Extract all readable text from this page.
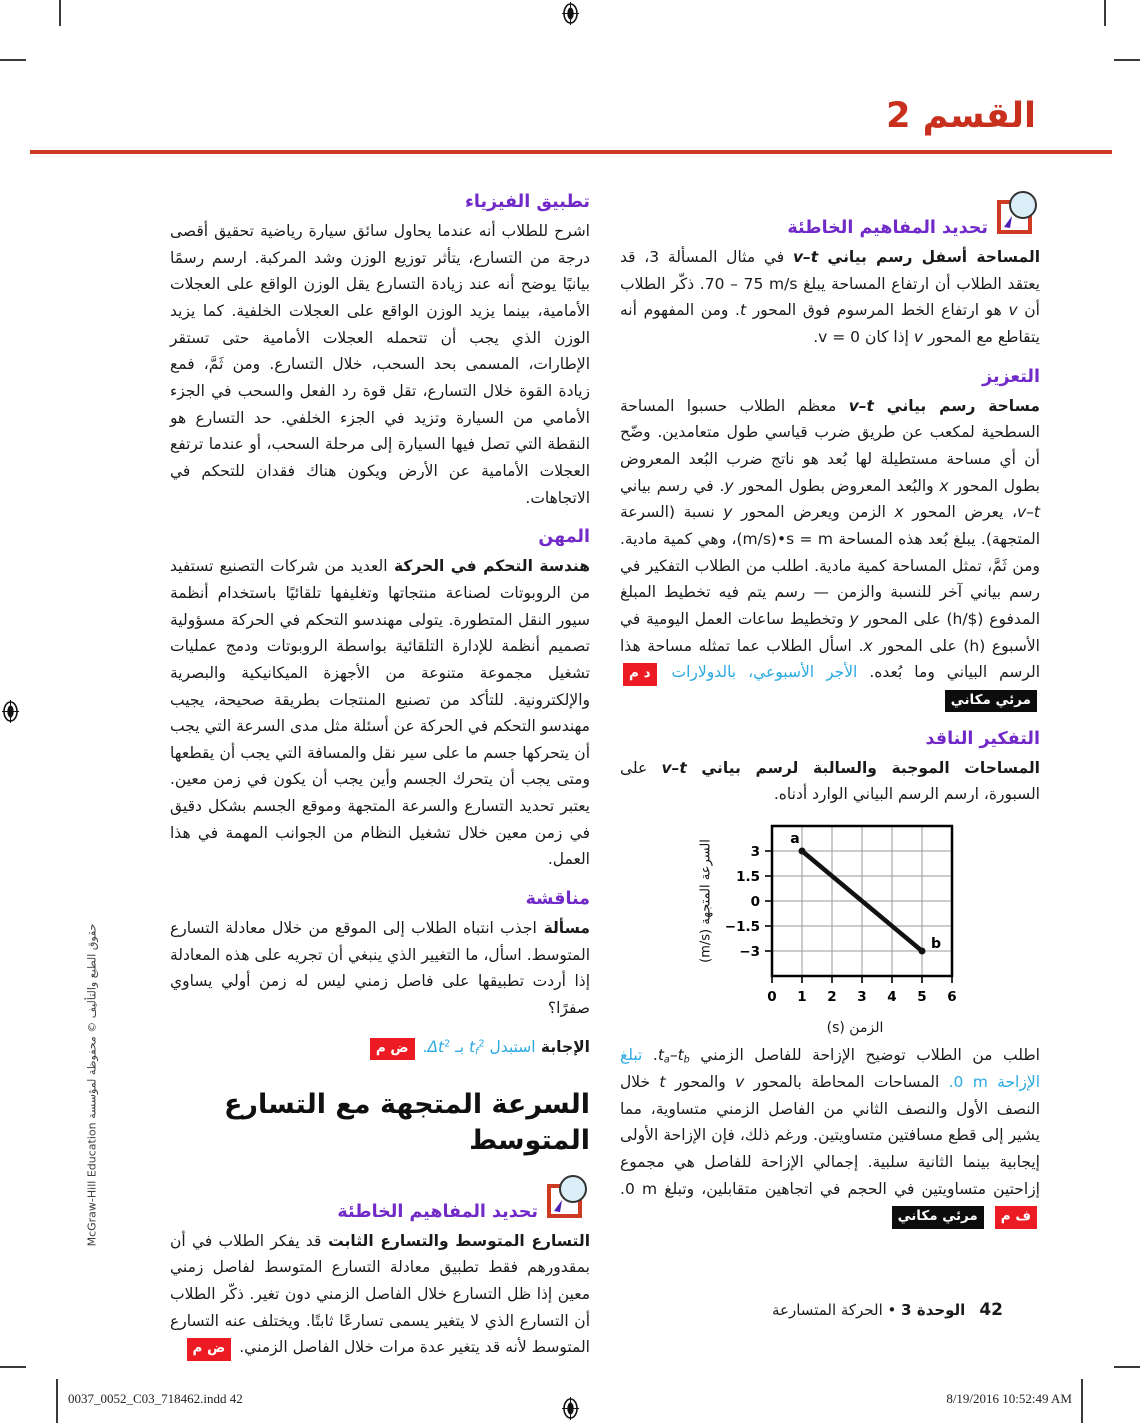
القسم 2
تحديد المفاهيم الخاطئة

المساحة أسفل رسم بياني v–t في مثال المسألة 3، قد يعتقد الطلاب أن ارتفاع المساحة يبلغ 70 – 75 m/s. ذكّر الطلاب أن v هو ارتفاع الخط المرسوم فوق المحور t. ومن المفهوم أنه يتقاطع مع المحور v إذا كان v = 0.

التعزيز

مساحة رسم بياني v–t معظم الطلاب حسبوا المساحة السطحية لمكعب عن طريق ضرب قياسي طول متعامدين. وضّح أن أي مساحة مستطيلة لها بُعد هو ناتج ضرب البُعد المعروض بطول المحور x والبُعد المعروض بطول المحور y. في رسم بياني v–t، يعرض المحور x الزمن ويعرض المحور y نسبة (السرعة المتجهة). يبلغ بُعد هذه المساحة (m/s)•s = m، وهي كمية مادية. ومن ثَمَّ، تمثل المساحة كمية مادية. اطلب من الطلاب التفكير في رسم بياني آخر للنسبة والزمن — رسم يتم فيه تخطيط المبلغ المدفوع (h/$) على المحور y وتخطيط ساعات العمل اليومية في الأسبوع (h) على المحور x. اسأل الطلاب عما تمثله مساحة هذا الرسم البياني وما بُعده. الأجر الأسبوعي، بالدولارات د م مرئي مكاني

التفكير الناقد

المساحات الموجبة والسالبة لرسم بياني v–t على السبورة، ارسم الرسم البياني الوارد أدناه.

السرعة المتجهة (m/s)
a
b
3
1.5
0
−1.5
−3
0 1 2 3 4 5 6
الزمن (s)

اطلب من الطلاب توضيح الإزاحة للفاصل الزمني ta–tb. تبلغ الإزاحة 0 m. المساحات المحاطة بالمحور v والمحور t خلال النصف الأول والنصف الثاني من الفاصل الزمني متساوية، مما يشير إلى قطع مسافتين متساويتين. ورغم ذلك، فإن الإزاحة الأولى إيجابية بينما الثانية سلبية. إجمالي الإزاحة للفاصل هي مجموع إزاحتين متساويتين في الحجم في اتجاهين متقابلين، وتبلغ 0 m. ف م مرئي مكاني

تطبيق الفيزياء

اشرح للطلاب أنه عندما يحاول سائق سيارة رياضية تحقيق أقصى درجة من التسارع، يتأثر توزيع الوزن وشد المركبة. ارسم رسمًا بيانيًا يوضح أنه عند زيادة التسارع يقل الوزن الواقع على العجلات الأمامية، بينما يزيد الوزن الواقع على العجلات الخلفية. كما يزيد الوزن الذي يجب أن تتحمله العجلات الأمامية حتى تستقر الإطارات، المسمى بحد السحب، خلال التسارع. ومن ثَمَّ، فمع زيادة القوة خلال التسارع، تقل قوة رد الفعل والسحب في الجزء الأمامي من السيارة وتزيد في الجزء الخلفي. حد التسارع هو النقطة التي تصل فيها السيارة إلى مرحلة السحب، أو عندما ترتفع العجلات الأمامية عن الأرض ويكون هناك فقدان للتحكم في الاتجاهات.

المهن

هندسة التحكم في الحركة العديد من شركات التصنيع تستفيد من الروبوتات لصناعة منتجاتها وتغليفها تلقائيًا باستخدام أنظمة سيور النقل المتطورة. يتولى مهندسو التحكم في الحركة مسؤولية تصميم أنظمة للإدارة التلقائية بواسطة الروبوتات ودمج عمليات تشغيل مجموعة متنوعة من الأجهزة الميكانيكية والبصرية والإلكترونية. للتأكد من تصنيع المنتجات بطريقة صحيحة، يجيب مهندسو التحكم في الحركة عن أسئلة مثل مدى السرعة التي يجب أن يتحركها جسم ما على سير نقل والمسافة التي يجب أن يقطعها ومتى يجب أن يتحرك الجسم وأين يجب أن يكون في زمن معين. يعتبر تحديد التسارع والسرعة المتجهة وموقع الجسم بشكل دقيق في زمن معين خلال تشغيل النظام من الجوانب المهمة في هذا العمل.

مناقشة

مسألة اجذب انتباه الطلاب إلى الموقع من خلال معادلة التسارع المتوسط. اسأل، ما التغيير الذي ينبغي أن تجريه على هذه المعادلة إذا أردت تطبيقها على فاصل زمني ليس له زمن أولي يساوي صفرًا؟

الإجابة استبدل $tf^2$ بـ $\Delta t^2$. ض م

السرعة المتجهة مع التسارع المتوسط
تحديد المفاهيم الخاطئة

التسارع المتوسط والتسارع الثابت قد يفكر الطلاب في أن بمقدورهم فقط تطبيق معادلة التسارع المتوسط لفاصل زمني معين إذا ظل التسارع خلال الفاصل الزمني دون تغير. ذكّر الطلاب أن التسارع الذي لا يتغير يسمى تسارعًا ثابتًا. ويختلف عنه التسارع المتوسط لأنه قد يتغير عدة مرات خلال الفاصل الزمني. ض م

42
الوحدة 3 • الحركة المتسارعة
حقوق الطبع والتأليف © محفوظة لمؤسسة McGraw-Hill Education
0037_0052_C03_718462.indd 42	8/19/2016 10:52:49 AM
